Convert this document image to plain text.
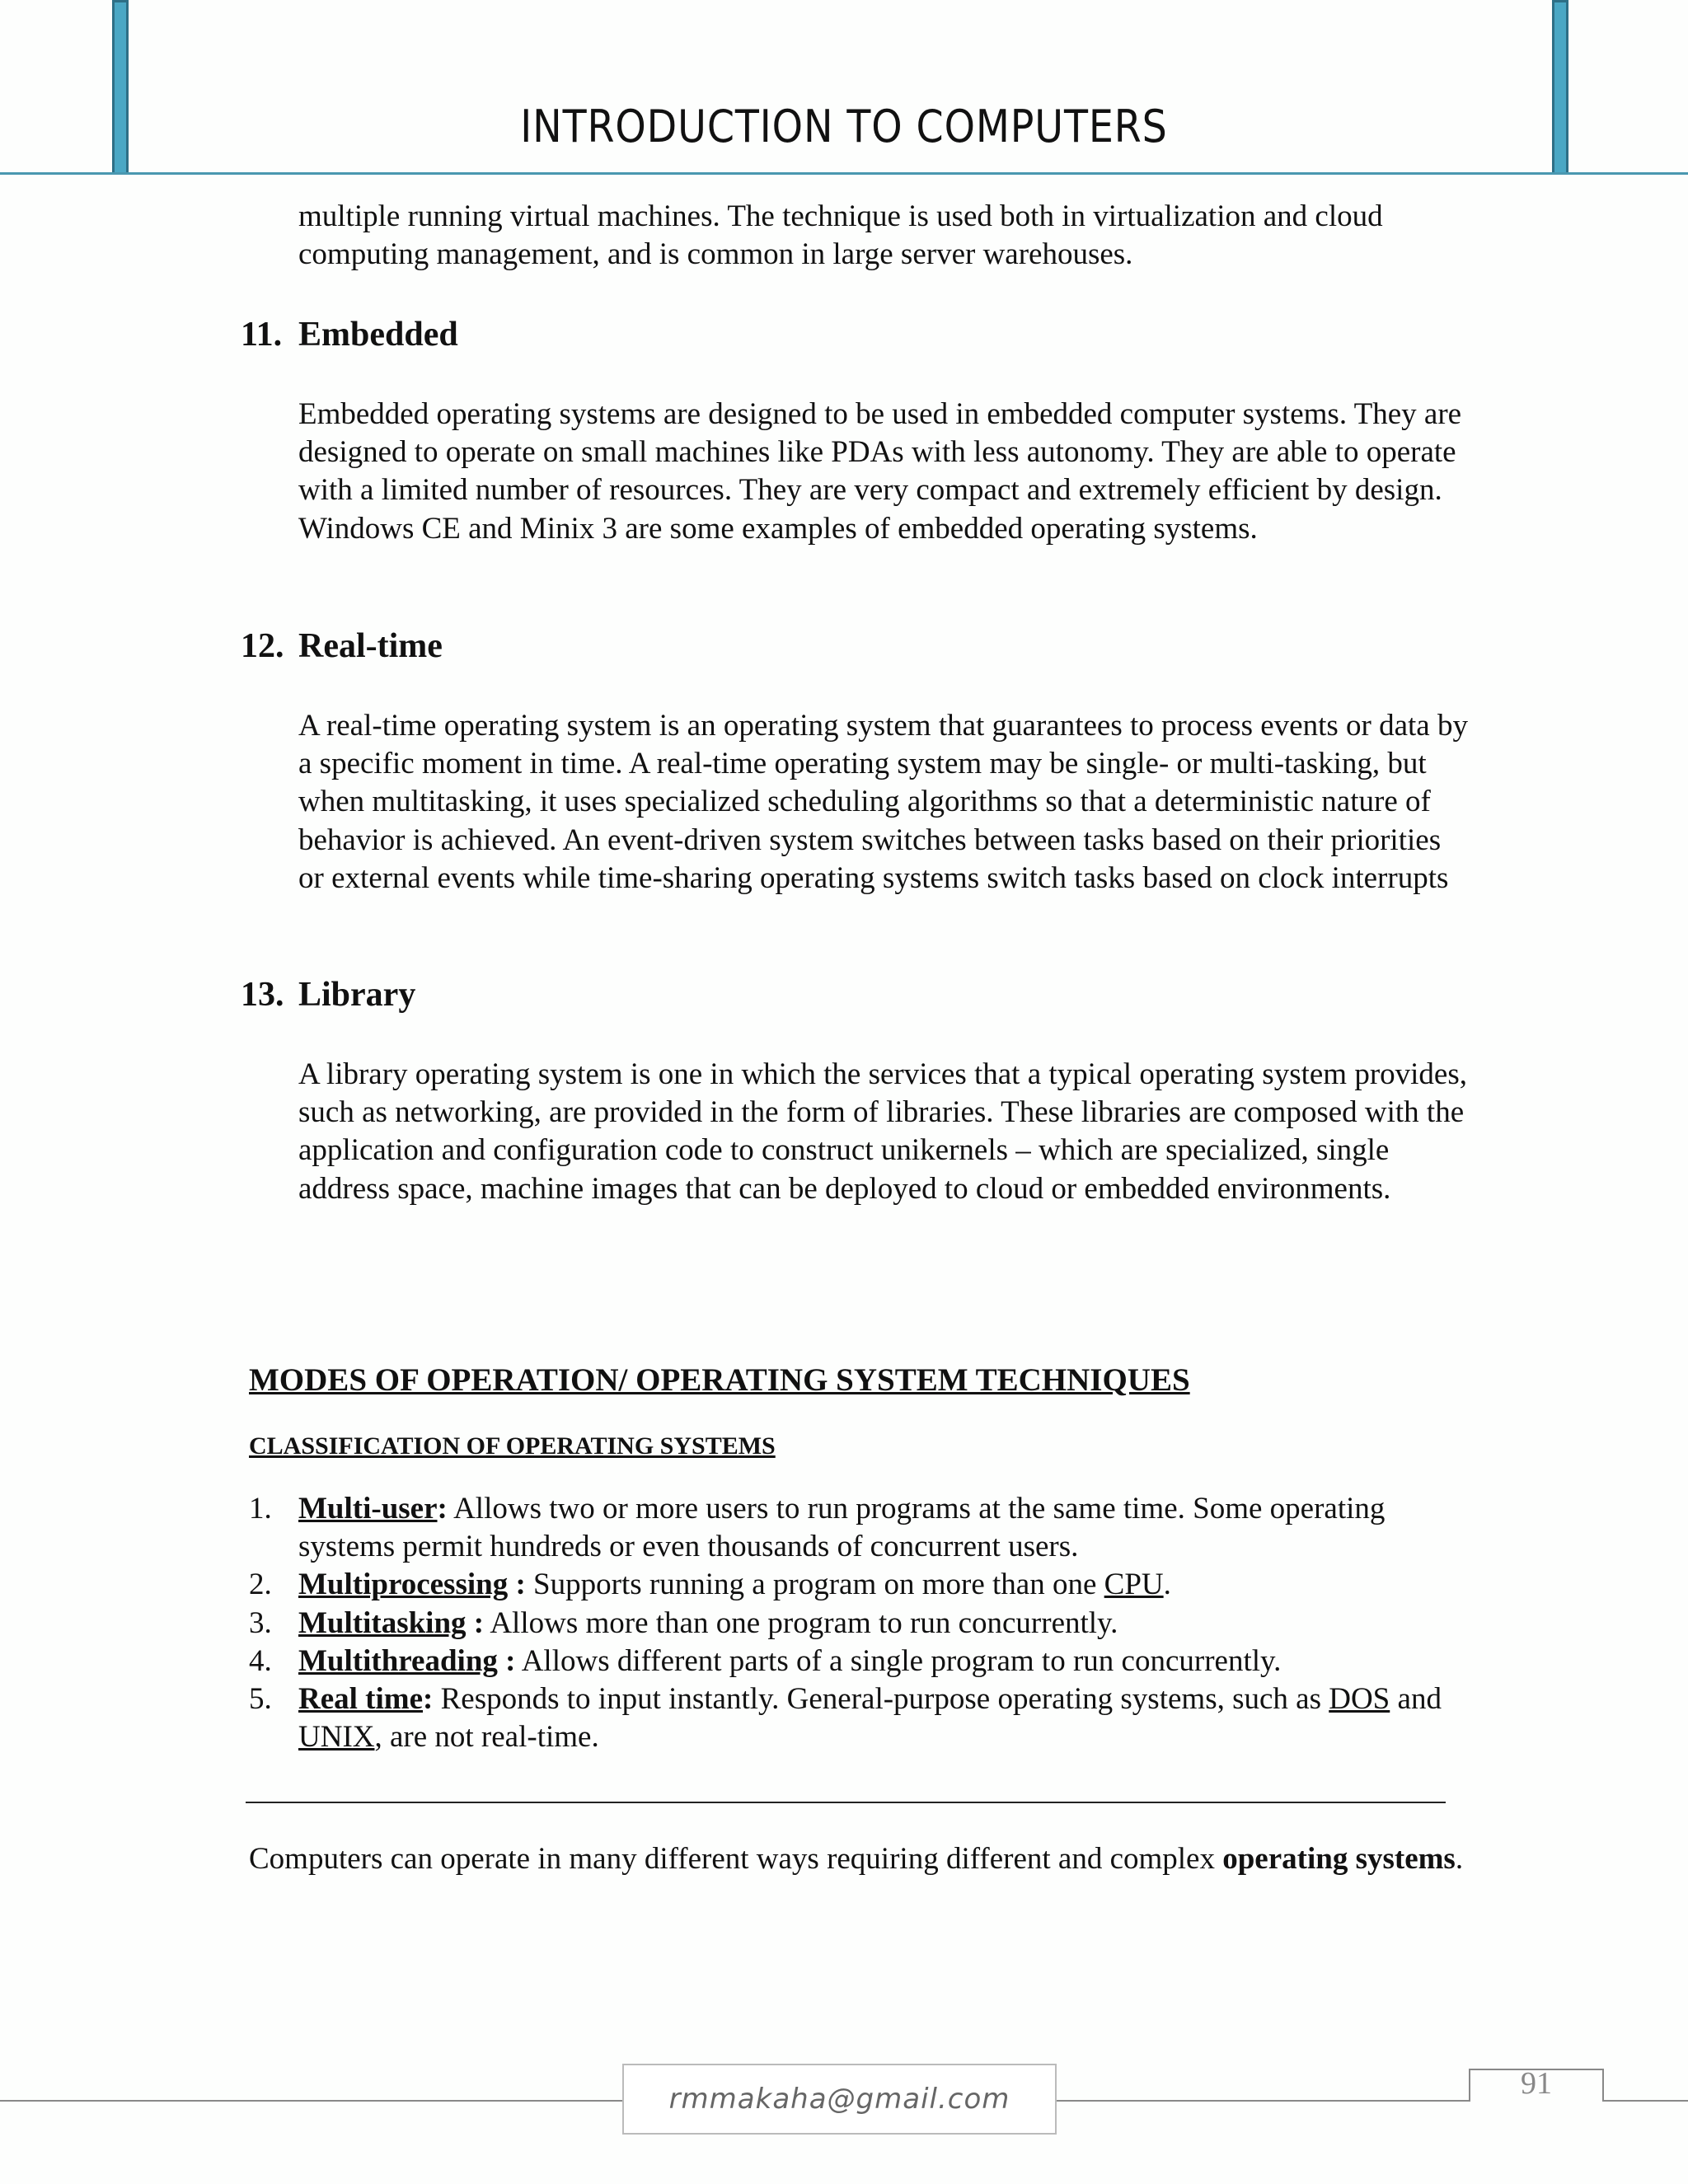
INTRODUCTION TO COMPUTERS

multiple running virtual machines. The technique is used both in virtualization and cloud computing management, and is common in large server warehouses.

11. Embedded

Embedded operating systems are designed to be used in embedded computer systems. They are designed to operate on small machines like PDAs with less autonomy. They are able to operate with a limited number of resources. They are very compact and extremely efficient by design. Windows CE and Minix 3 are some examples of embedded operating systems.

12. Real-time

A real-time operating system is an operating system that guarantees to process events or data by a specific moment in time. A real-time operating system may be single- or multi-tasking, but when multitasking, it uses specialized scheduling algorithms so that a deterministic nature of behavior is achieved. An event-driven system switches between tasks based on their priorities or external events while time-sharing operating systems switch tasks based on clock interrupts

13. Library

A library operating system is one in which the services that a typical operating system provides, such as networking, are provided in the form of libraries. These libraries are composed with the application and configuration code to construct unikernels – which are specialized, single address space, machine images that can be deployed to cloud or embedded environments.

MODES OF OPERATION/ OPERATING SYSTEM TECHNIQUES
CLASSIFICATION OF OPERATING SYSTEMS
1. Multi-user: Allows two or more users to run programs at the same time. Some operating systems permit hundreds or even thousands of concurrent users.
2. Multiprocessing : Supports running a program on more than one CPU.
3. Multitasking : Allows more than one program to run concurrently.
4. Multithreading : Allows different parts of a single program to run concurrently.
5. Real time: Responds to input instantly. General-purpose operating systems, such as DOS and UNIX, are not real-time.

Computers can operate in many different ways requiring different and complex operating systems.

rmmakaha@gmail.com	91
